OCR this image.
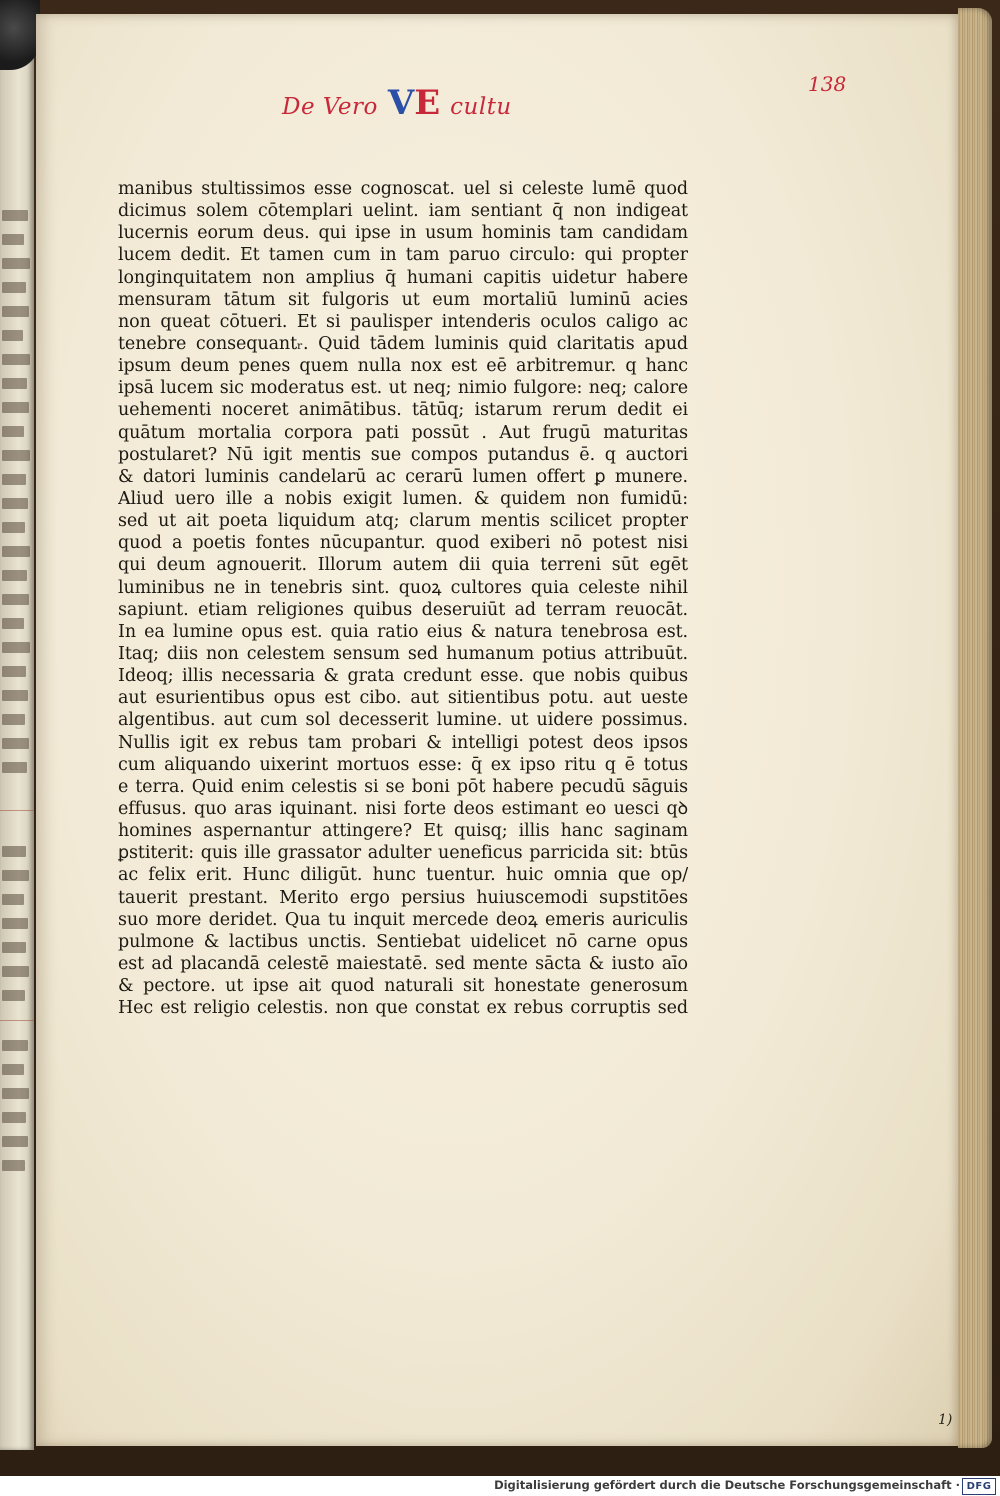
De Vero VE cultu
138
manibus stultissimos esse cognoscat. uel si celeste lumē quod
dicimus solem cōtemplari uelint. iam sentiant q̄ non indigeat
lucernis eorum deus. qui ipse in usum hominis tam candidam
lucem dedit. Et tamen cum in tam paruo circulo: qui propter
longinquitatem non amplius q̄ humani capitis uidetur habere
mensuram tātum sit fulgoris ut eum mortaliū luminū acies
non queat cōtueri. Et si paulisper intenderis oculos caligo ac
tenebre consequantᵣ. Quid tādem luminis quid claritatis apud
ipsum deum penes quem nulla nox est eē arbitremur. q hanc
ipsā lucem sic moderatus est. ut neq; nimio fulgore: neq; calore
uehementi noceret animātibus. tātūq; istarum rerum dedit ei
quātum mortalia corpora pati possūt . Aut frugū maturitas
postularet? Nū igit̄ mentis sue compos putandus ē. q auctori
& datori luminis candelarū ac cerarū lumen offert ꝑ munere.
Aliud uero ille a nobis exigit lumen. & quidem non fumidū:
sed ut ait poeta liquidum atq; clarum mentis scilicet propter
quod a poetis fontes nūcupantur. quod exiberi nō potest nisi
qui deum agnouerit. Illorum autem dii quia terreni sūt egēt
luminibus ne in tenebris sint. quoꝝ cultores quia celeste nihil
sapiunt. etiam religiones quibus deseruiūt ad terram reuocāt.
In ea lumine opus est. quia ratio eius & natura tenebrosa est.
Itaq; diis non celestem sensum sed humanum potius attribuūt.
Ideoq; illis necessaria & grata credunt esse. que nobis quibus
aut esurientibus opus est cibo. aut sitientibus potu. aut ueste
algentibus. aut cum sol decesserit lumine. ut uidere possimus.
Nullis igit̄ ex rebus tam probari & intelligi potest deos ipsos
cum aliquando uixerint mortuos esse: q̄ ex ipso ritu q ē totus
e terra. Quid enim celestis si se boni pōt habere pecudū sāguis
effusus. quo aras iquinant. nisi forte deos estimant eo uesci qꝺ
homines aspernantur attingere? Et quisq; illis hanc saginam
ꝑstiterit: quis ille grassator adulter ueneficus parricida sit: btūs
ac felix erit. Hunc diligūt. hunc tuentur. huic omnia que op/
tauerit prestant. Merito ergo persius huiuscemodi supstitōes
suo more deridet. Qua tu inquit mercede deoꝝ emeris auriculis
pulmone & lactibus unctis. Sentiebat uidelicet nō carne opus
est ad placandā celestē maiestatē. sed mente sācta & iusto aīo
& pectore. ut ipse ait quod naturali sit honestate generosum
Hec est religio celestis. non que constat ex rebus corruptis sed
1)
Digitalisierung gefördert durch die Deutsche Forschungsgemeinschaft · DFG
